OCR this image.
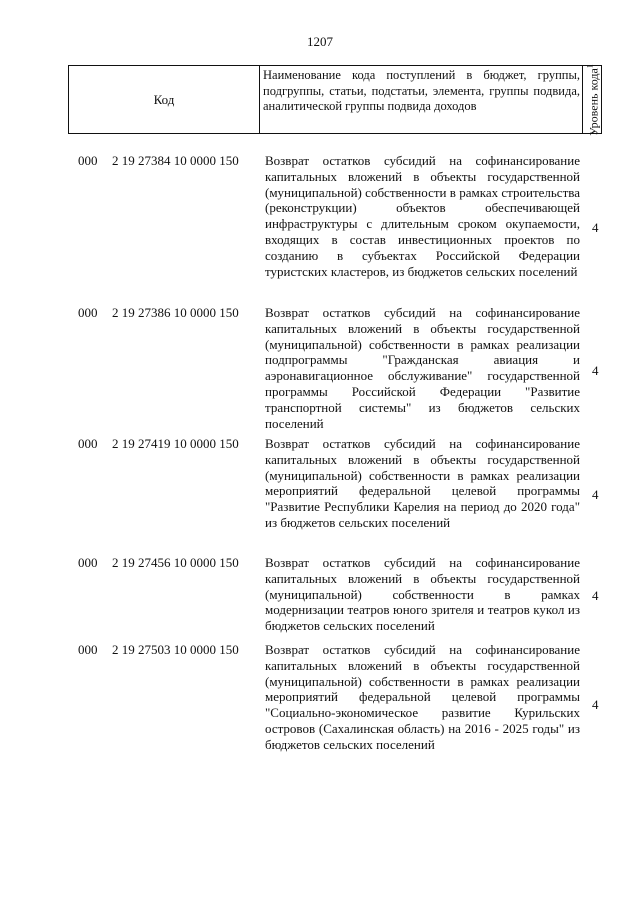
1207
Код
Наименование кода поступлений в бюджет, группы, подгруппы, статьи, подстатьи, элемента, группы подвида, аналитической группы подвида доходов	Уровень кода$^1$
000 2 19 27384 10 0000 150 Возврат остатков субсидий на софинансирование капитальных вложений в объекты государственной (муниципальной) собственности в рамках строительства (реконструкции) объектов обеспечивающей инфраструктуры с длительным сроком окупаемости, входящих в состав инвестиционных проектов по созданию в субъектах Российской Федерации туристских кластеров, из бюджетов сельских поселений
4
000 2 19 27386 10 0000 150 Возврат остатков субсидий на софинансирование капитальных вложений в объекты государственной (муниципальной) собственности в рамках реализации подпрограммы "Гражданская авиация и аэронавигационное обслуживание" государственной программы Российской Федерации "Развитие транспортной системы" из бюджетов сельских поселений
4
000 2 19 27419 10 0000 150 Возврат остатков субсидий на софинансирование капитальных вложений в объекты государственной (муниципальной) собственности в рамках реализации мероприятий федеральной целевой программы "Развитие Республики Карелия на период до 2020 года" из бюджетов сельских поселений
4
000 2 19 27456 10 0000 150 Возврат остатков субсидий на софинансирование капитальных вложений в объекты государственной (муниципальной) собственности в рамках модернизации театров юного зрителя и театров кукол из бюджетов сельских поселений
4
000 2 19 27503 10 0000 150 Возврат остатков субсидий на софинансирование капитальных вложений в объекты государственной (муниципальной) собственности в рамках реализации мероприятий федеральной целевой программы "Социально-экономическое развитие Курильских островов (Сахалинская область) на 2016 - 2025 годы" из бюджетов сельских поселений
4
